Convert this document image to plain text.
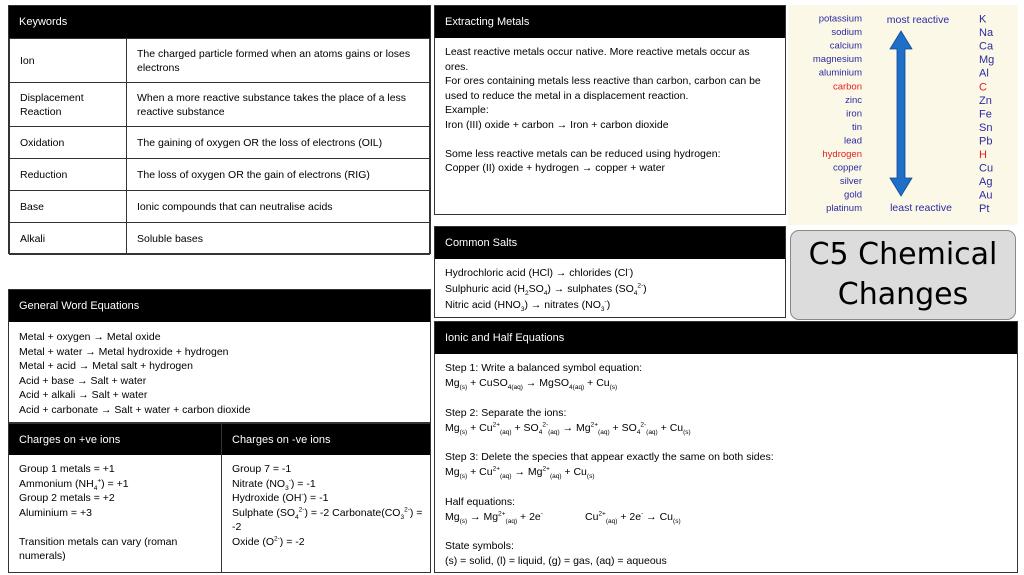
Keywords
Ion	The charged particle formed when an atoms gains or loses electrons
Displacement Reaction	When a more reactive substance takes the place of a less reactive substance
Oxidation	The gaining of oxygen OR the loss of electrons (OIL)
Reduction	The loss of oxygen OR the gain of electrons (RIG)
Base	Ionic compounds that can neutralise acids
Alkali	Soluble bases
Extracting Metals
Least reactive metals occur native. More reactive metals occur as
ores.
For ores containing metals less reactive than carbon, carbon can be
used to reduce the metal in a displacement reaction.
Example:
Iron (III) oxide + carbon → Iron + carbon dioxide
Some less reactive metals can be reduced using hydrogen:
Copper (II) oxide + hydrogen → copper + water
potassium	K
sodium	Na
calcium	Ca
magnesium	Mg
aluminium	Al
carbon	C
zinc	Zn
iron	Fe
tin	Sn
lead	Pb
hydrogen	H
copper	Cu
silver	Ag
gold	Au
platinum	Pt
most reactive
least reactive
C5 Chemical
Changes
Common Salts
Hydrochloric acid (HCl) → chlorides (Cl-)
Sulphuric acid $(H_2SO_4)$ → sulphates $(SO_4^{2-})$
Nitric acid $(HNO_3)$ → nitrates $(NO_3^-)$
General Word Equations
Metal + oxygen → Metal oxide
Metal + water → Metal hydroxide + hydrogen
Metal + acid → Metal salt + hydrogen
Acid + base → Salt + water
Acid + alkali → Salt + water
Acid + carbonate → Salt + water + carbon dioxide
Charges on +ve ions
Group 1 metals = +1
Ammonium $(NH_4^+) = +1$
Group 2 metals = +2
Aluminium = +3
Transition metals can vary (roman
numerals)
Charges on -ve ions
Group 7 = -1
Nitrate $(NO_3^-) = -1$
Hydroxide (OH-) = -1
Sulphate $(SO_4^{2-}) = -2$ $Carbonate(CO_3^{2-})$ =
-2
Oxide $(O^{2-}) = -2$
Ionic and Half Equations
Step 1: Write a balanced symbol equation:
$Mg_{(s)}$ + CuSO$_{4(aq)}$ → MgSO$_{4(aq)}$ + $Cu_{(s)}$
Step 2: Separate the ions:
$Mg_{(s)} + Cu^{2+}_{(aq)} + SO_4^{2-}_{(aq)} \to Mg^{2+}_{(aq)} + SO_4^{2-}_{(aq)} + Cu_{(s)}$
Step 3: Delete the species that appear exactly the same on both sides:
$Mg_{(s)} + Cu^{2+}_{(aq)} \to Mg^{2+}_{(aq)} + Cu_{(s)}$
Half equations:
$Mg_{(s)} \to Mg^{2+}_{(aq)} + 2e^-$	$Cu^{2+}_{(aq)} + 2e^- \to Cu_{(s)}$
State symbols:
(s) = solid, (l) = liquid, (g) = gas, (aq) = aqueous
